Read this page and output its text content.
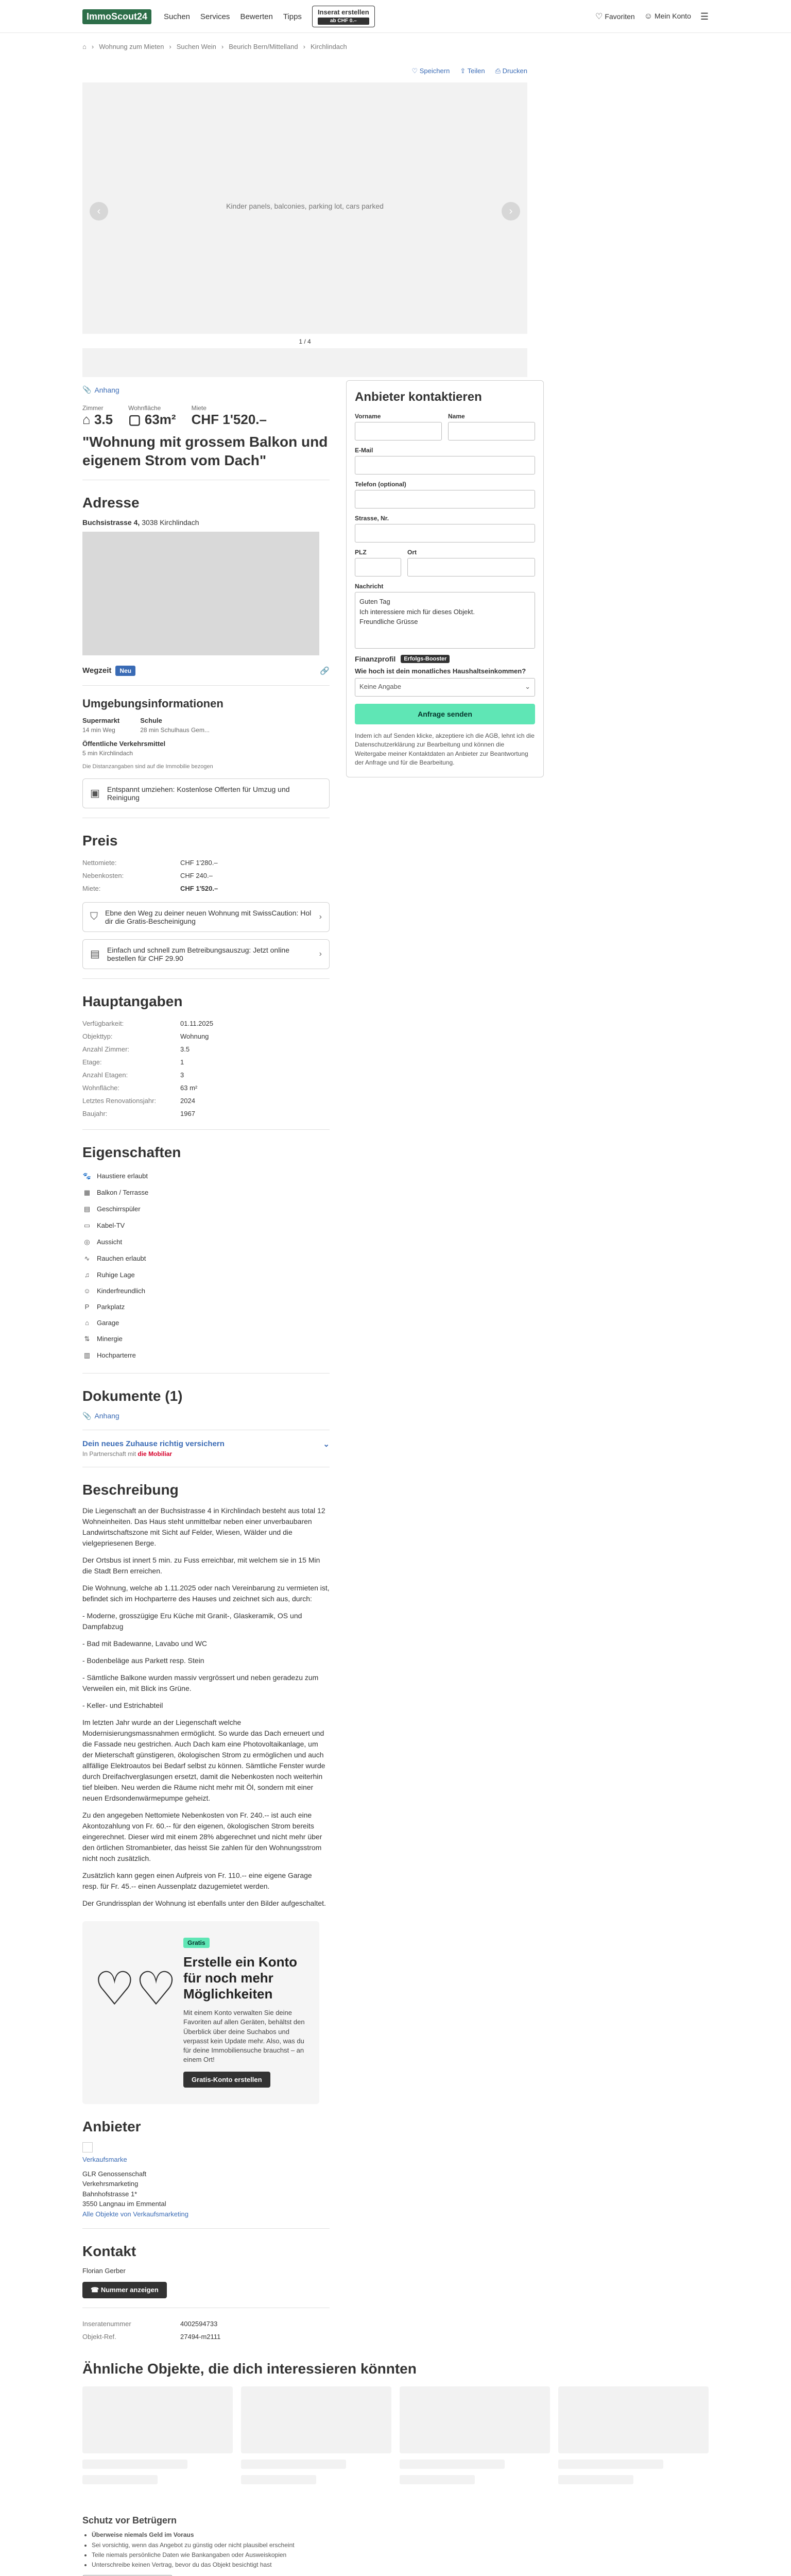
ImmoScout24	Suchen Services Bewerten Tipps	Inserat erstellen
ab CHF 0.–	♡ Favoriten ☺ Mein Konto ☰
⌂ › Wohnung zum Mieten › Suchen Wein › Beurich Bern/Mittelland › Kirchlindach
♡ Speichern ⇪ Teilen ⎙ Drucken
Kinder panels, balconies, parking lot, cars parked
‹	›
1 / 4
📎 Anhang
Zimmer
⌂ 3.5
Wohnfläche
▢ 63m²
Miete
CHF 1'520.–
"Wohnung mit grossem Balkon und eigenem Strom vom Dach"
Adresse
Buchsistrasse 4, 3038 Kirchlindach
Wegzeit	Neu	🔗
Umgebungsinformationen
Supermarkt
14 min Weg
Schule
28 min Schulhaus Gem...
Öffentliche Verkehrsmittel
5 min Kirchlindach
Die Distanzangaben sind auf die Immobilie bezogen
▣ Entspannt umziehen: Kostenlose Offerten für Umzug und Reinigung
Preis
Nettomiete:	CHF 1'280.–
Nebenkosten:	CHF 240.–
Miete:	CHF 1'520.–
⛉ Ebne den Weg zu deiner neuen Wohnung mit SwissCaution: Hol dir die Gratis-Bescheinigung	›
▤ Einfach und schnell zum Betreibungsauszug: Jetzt online bestellen für CHF 29.90	›
Hauptangaben
Verfügbarkeit:	01.11.2025
Objekttyp:	Wohnung
Anzahl Zimmer:	3.5
Etage:	1
Anzahl Etagen:	3
Wohnfläche:	63 m²
Letztes Renovationsjahr:	2024
Baujahr:	1967
Eigenschaften
🐾 Haustiere erlaubt
▦ Balkon / Terrasse
▤ Geschirrspüler
▭ Kabel-TV
◎ Aussicht
∿ Rauchen erlaubt
♫	Ruhige Lage
☺ Kinderfreundlich
P	Parkplatz
⌂	Garage
⇅ Minergie
▥ Hochparterre
Dokumente (1)
📎 Anhang
Dein neues Zuhause richtig versichern	⌄
In Partnerschaft mit die Mobiliar
Beschreibung

Die Liegenschaft an der Buchsistrasse 4 in Kirchlindach besteht aus total 12 Wohneinheiten. Das Haus steht unmittelbar neben einer unverbaubaren Landwirtschaftszone mit Sicht auf Felder, Wiesen, Wälder und die vielgepriesenen Berge.

Der Ortsbus ist innert 5 min. zu Fuss erreichbar, mit welchem sie in 15 Min die Stadt Bern erreichen.

Die Wohnung, welche ab 1.11.2025 oder nach Vereinbarung zu vermieten ist, befindet sich im Hochparterre des Hauses und zeichnet sich aus, durch:

- Moderne, grosszügige Eru Küche mit Granit-, Glaskeramik, OS und Dampfabzug

- Bad mit Badewanne, Lavabo und WC

- Bodenbeläge aus Parkett resp. Stein

- Sämtliche Balkone wurden massiv vergrössert und neben geradezu zum Verweilen ein, mit Blick ins Grüne.

- Keller- und Estrichabteil

Im letzten Jahr wurde an der Liegenschaft welche Modernisierungsmassnahmen ermöglicht. So wurde das Dach erneuert und die Fassade neu gestrichen. Auch Dach kam eine Photovoltaikanlage, um der Mieterschaft günstigeren, ökologischen Strom zu ermöglichen und auch allfällige Elektroautos bei Bedarf selbst zu können. Sämtliche Fenster wurde durch Dreifachverglasungen ersetzt, damit die Nebenkosten noch weiterhin tief bleiben. Neu werden die Räume nicht mehr mit Öl, sondern mit einer neuen Erdsondenwärmepumpe geheizt.

Zu den angegeben Nettomiete Nebenkosten von Fr. 240.-- ist auch eine Akontozahlung von Fr. 60.-- für den eigenen, ökologischen Strom bereits eingerechnet. Dieser wird mit einem 28% abgerechnet und nicht mehr über den örtlichen Stromanbieter, das heisst Sie zahlen für den Wohnungsstrom nicht noch zusätzlich.

Zusätzlich kann gegen einen Aufpreis von Fr. 110.-- eine eigene Garage resp. für Fr. 45.-- einen Aussenplatz dazugemietet werden.

Der Grundrissplan der Wohnung ist ebenfalls unter den Bilder aufgeschaltet.

♡♡
Gratis
Erstelle ein Konto für noch mehr Möglichkeiten

Mit einem Konto verwalten Sie deine Favoriten auf allen Geräten, behältst den Überblick über deine Suchabos und verpasst kein Update mehr. Also, was du für deine Immobiliensuche brauchst – an einem Ort!

Gratis-Konto erstellen
Anbieter
Verkaufsmarke
GLR Genossenschaft
Verkehrsmarketing
Bahnhofstrasse 1*
3550 Langnau im Emmental
Alle Objekte von Verkaufsmarketing
Kontakt
Florian Gerber
☎ Nummer anzeigen
Inseratenummer	4002594733
Objekt-Ref.	27494-m2111
Anbieter kontaktieren
Vorname	Name
E-Mail
Telefon (optional)
Strasse, Nr.
PLZ	Ort
Nachricht
Guten Tag
Ich interessiere mich für dieses Objekt.
Freundliche Grüsse
Finanzprofil	Erfolgs-Booster
Wie hoch ist dein monatliches Haushaltseinkommen?
Keine Angabe	⌄
Anfrage senden
Indem ich auf Senden klicke, akzeptiere ich die AGB, lehnt ich die Datenschutzerklärung zur Bearbeitung und können die Weitergabe meiner Kontaktdaten an Anbieter zur Beantwortung der Anfrage und für die Bearbeitung.
Ähnliche Objekte, die dich interessieren könnten
Schutz vor Betrügern
• Überweise niemals Geld im Voraus
• Sei vorsichtig, wenn das Angebot zu günstig oder nicht plausibel erscheint
• Teile niemals persönliche Daten wie Bankangaben oder Ausweiskopien
• Unterschreibe keinen Vertrag, bevor du das Objekt besichtigt hast
